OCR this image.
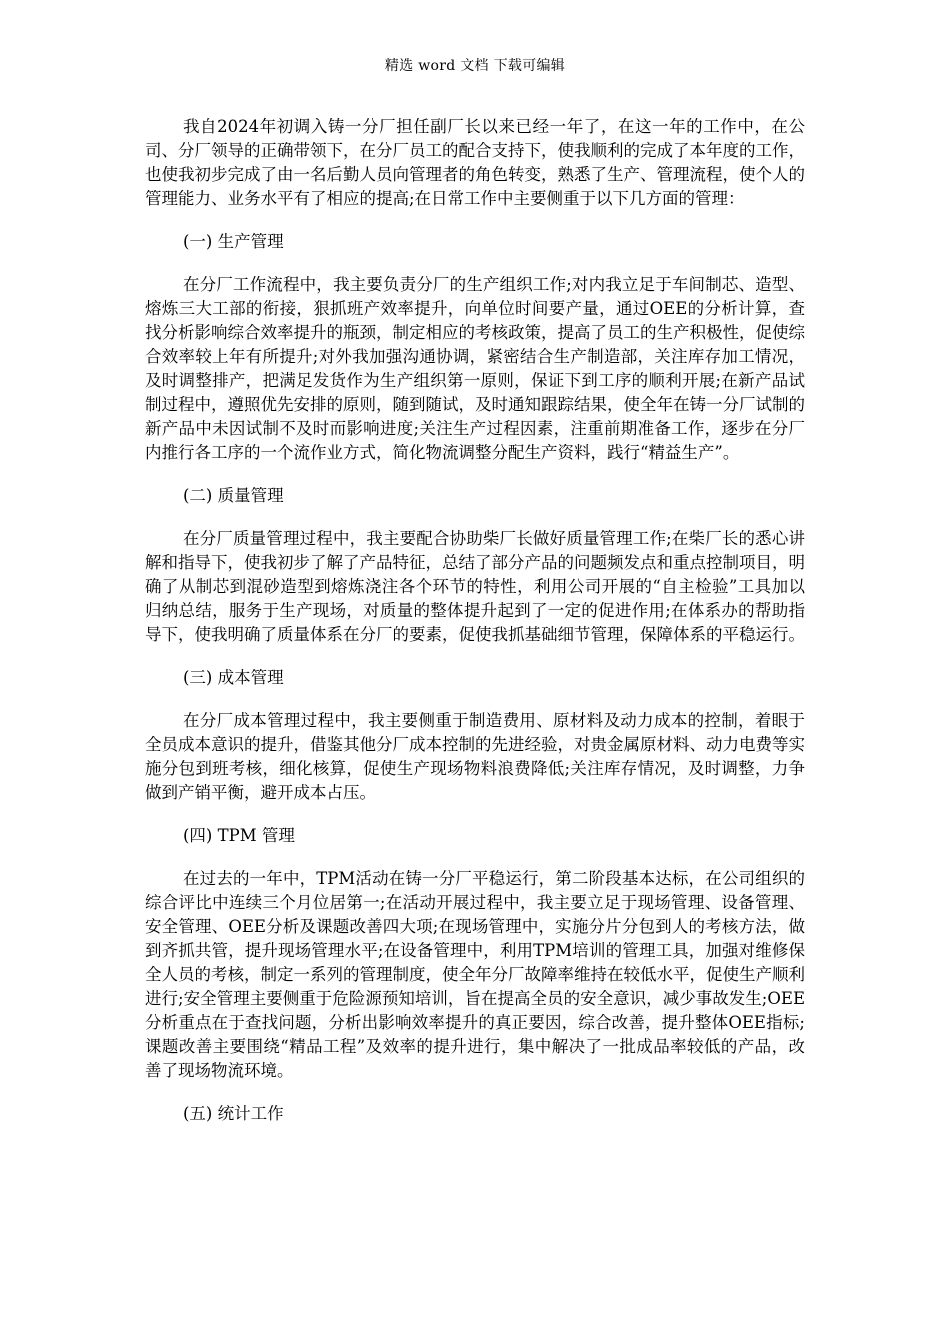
精选 word 文档 下载可编辑

我自2024年初调入铸一分厂担任副厂长以来已经一年了，在这一年的工作中，在公司、分厂领导的正确带领下，在分厂员工的配合支持下，使我顺利的完成了本年度的工作，也使我初步完成了由一名后勤人员向管理者的角色转变，熟悉了生产、管理流程，使个人的管理能力、业务水平有了相应的提高;在日常工作中主要侧重于以下几方面的管理：

(一) 生产管理

在分厂工作流程中，我主要负责分厂的生产组织工作;对内我立足于车间制芯、造型、熔炼三大工部的衔接，狠抓班产效率提升，向单位时间要产量，通过OEE的分析计算，查找分析影响综合效率提升的瓶颈，制定相应的考核政策，提高了员工的生产积极性，促使综合效率较上年有所提升;对外我加强沟通协调，紧密结合生产制造部，关注库存加工情况，及时调整排产，把满足发货作为生产组织第一原则，保证下到工序的顺利开展;在新产品试制过程中，遵照优先安排的原则，随到随试，及时通知跟踪结果，使全年在铸一分厂试制的新产品中未因试制不及时而影响进度;关注生产过程因素，注重前期准备工作，逐步在分厂内推行各工序的一个流作业方式，简化物流调整分配生产资料，践行“精益生产”。

(二) 质量管理

在分厂质量管理过程中，我主要配合协助柴厂长做好质量管理工作;在柴厂长的悉心讲解和指导下，使我初步了解了产品特征，总结了部分产品的问题频发点和重点控制项目，明确了从制芯到混砂造型到熔炼浇注各个环节的特性，利用公司开展的“自主检验”工具加以归纳总结，服务于生产现场，对质量的整体提升起到了一定的促进作用;在体系办的帮助指导下，使我明确了质量体系在分厂的要素，促使我抓基础细节管理，保障体系的平稳运行。

(三) 成本管理

在分厂成本管理过程中，我主要侧重于制造费用、原材料及动力成本的控制，着眼于全员成本意识的提升，借鉴其他分厂成本控制的先进经验，对贵金属原材料、动力电费等实施分包到班考核，细化核算，促使生产现场物料浪费降低;关注库存情况，及时调整，力争做到产销平衡，避开成本占压。

(四) TPM 管理

在过去的一年中，TPM活动在铸一分厂平稳运行，第二阶段基本达标，在公司组织的综合评比中连续三个月位居第一;在活动开展过程中，我主要立足于现场管理、设备管理、安全管理、OEE分析及课题改善四大项;在现场管理中，实施分片分包到人的考核方法，做到齐抓共管，提升现场管理水平;在设备管理中，利用TPM培训的管理工具，加强对维修保全人员的考核，制定一系列的管理制度，使全年分厂故障率维持在较低水平，促使生产顺利进行;安全管理主要侧重于危险源预知培训，旨在提高全员的安全意识，减少事故发生;OEE分析重点在于查找问题，分析出影响效率提升的真正要因，综合改善，提升整体OEE指标;课题改善主要围绕“精品工程”及效率的提升进行，集中解决了一批成品率较低的产品，改善了现场物流环境。

(五) 统计工作
